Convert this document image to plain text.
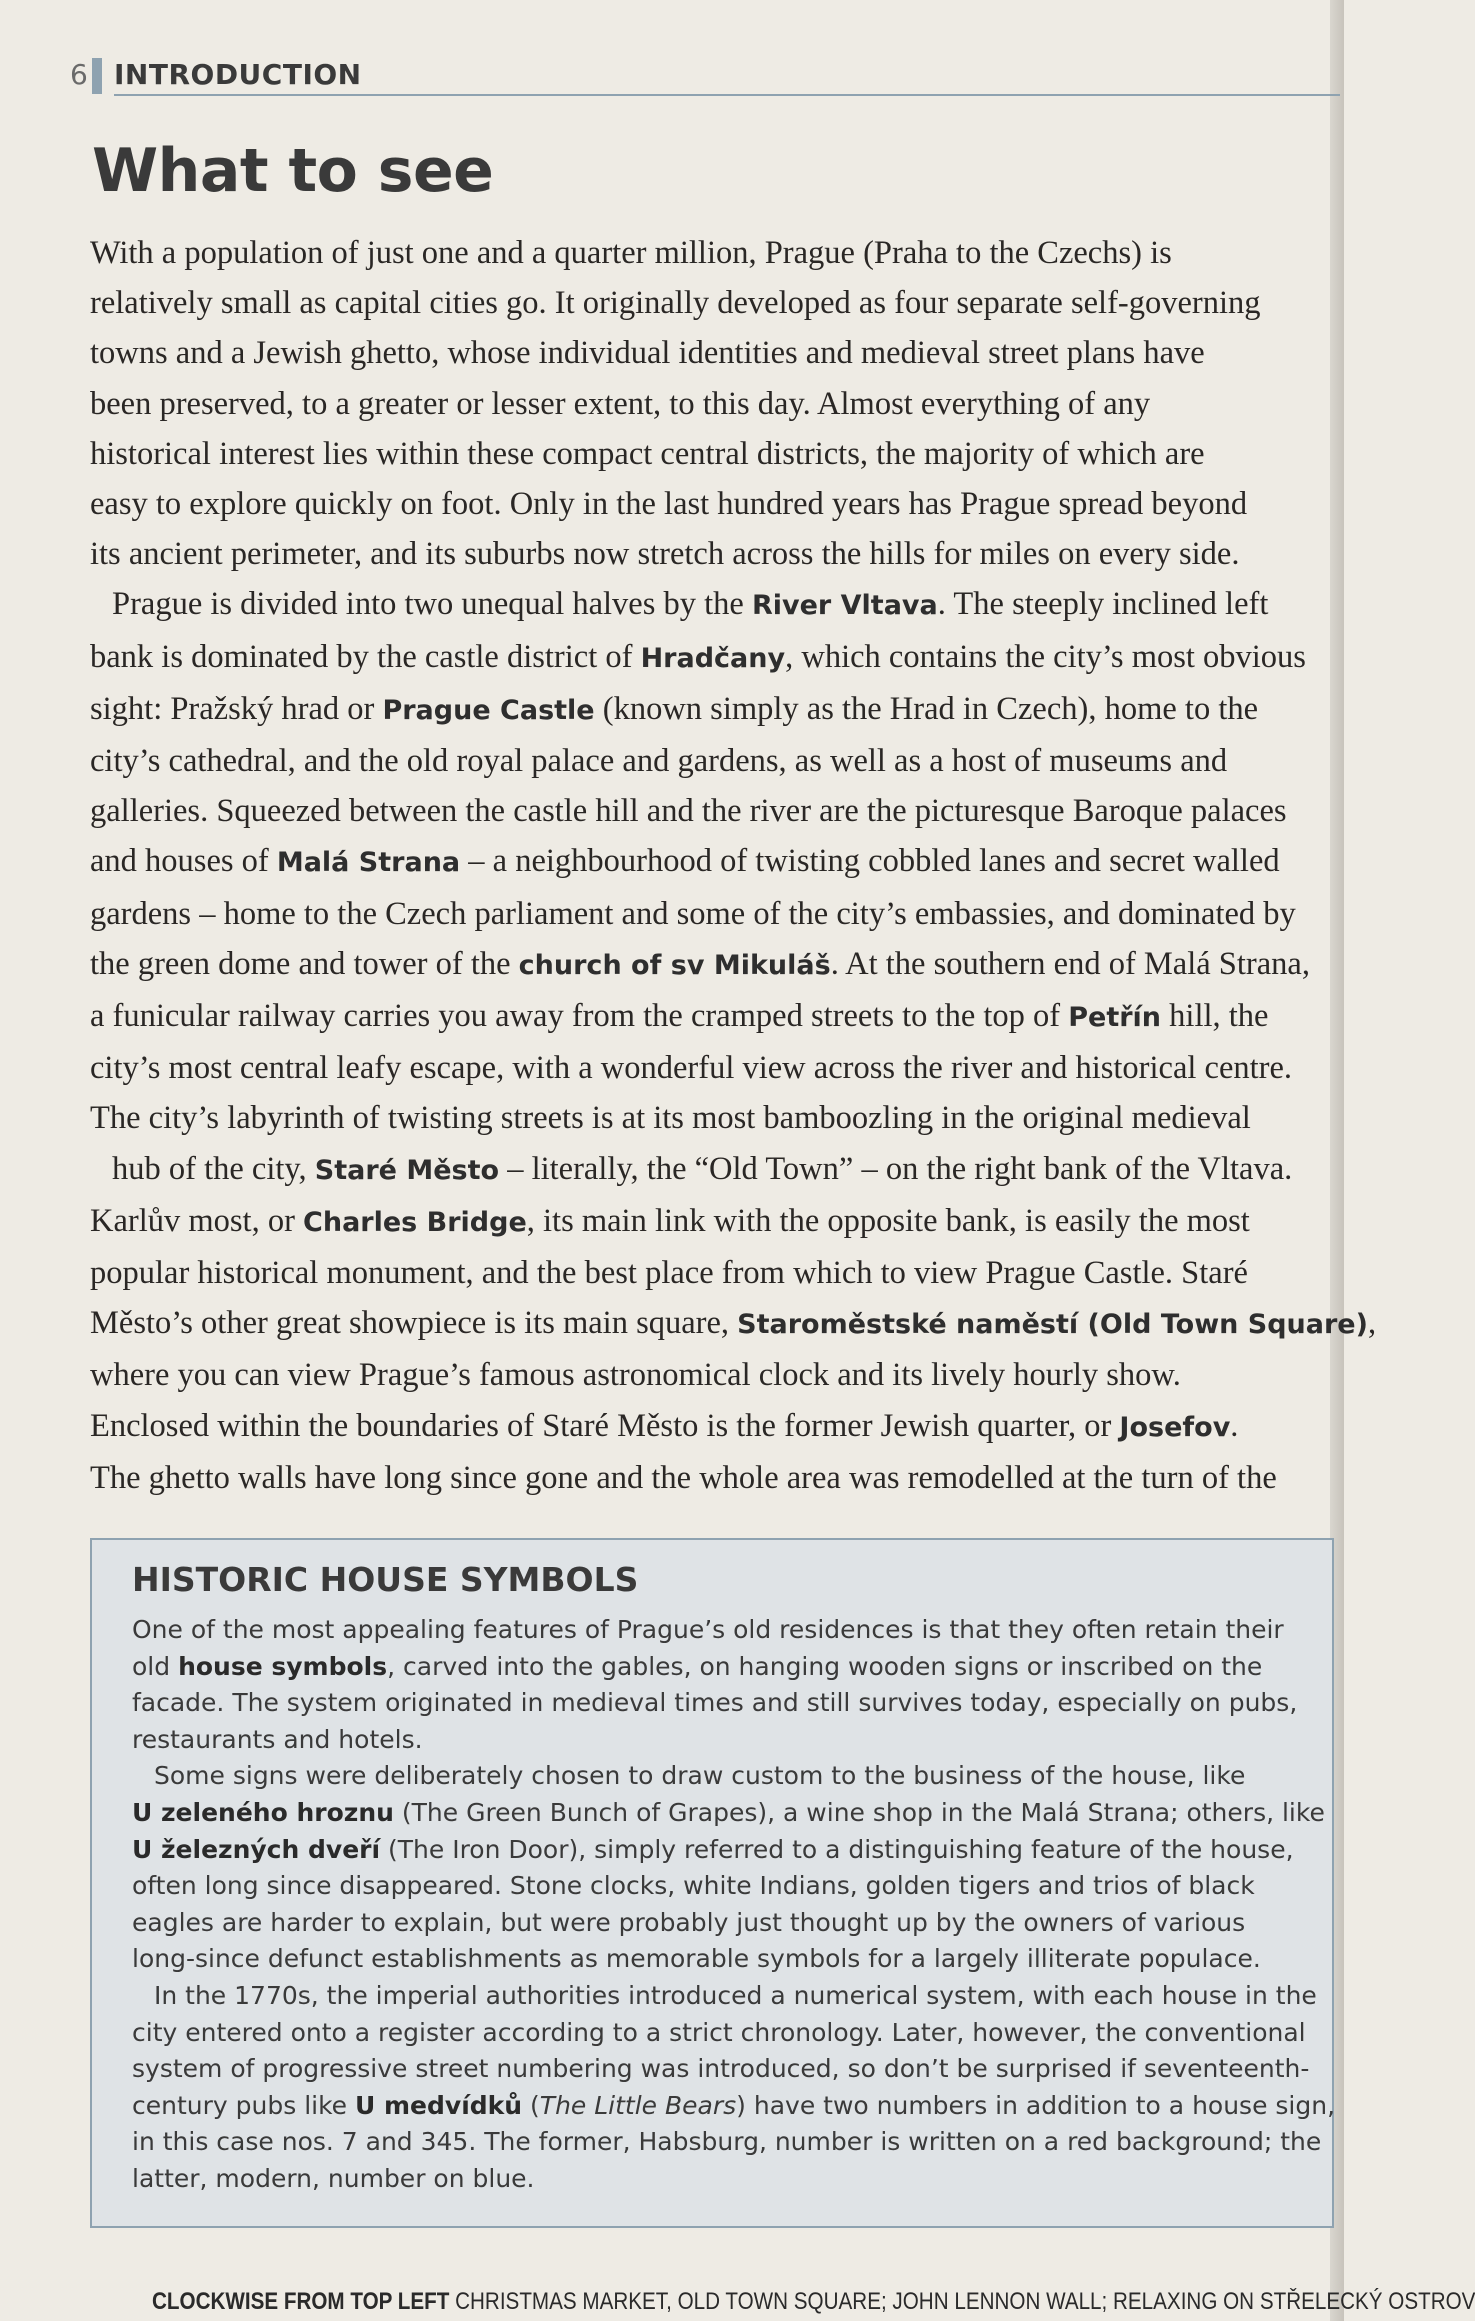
6 INTRODUCTION
What to see
With a population of just one and a quarter million, Prague (Praha to the Czechs) is
relatively small as capital cities go. It originally developed as four separate self-governing
towns and a Jewish ghetto, whose individual identities and medieval street plans have
been preserved, to a greater or lesser extent, to this day. Almost everything of any
historical interest lies within these compact central districts, the majority of which are
easy to explore quickly on foot. Only in the last hundred years has Prague spread beyond
its ancient perimeter, and its suburbs now stretch across the hills for miles on every side.
Prague is divided into two unequal halves by the River Vltava. The steeply inclined left
bank is dominated by the castle district of Hradčany, which contains the city’s most obvious
sight: Pražský hrad or Prague Castle (known simply as the Hrad in Czech), home to the
city’s cathedral, and the old royal palace and gardens, as well as a host of museums and
galleries. Squeezed between the castle hill and the river are the picturesque Baroque palaces
and houses of Malá Strana – a neighbourhood of twisting cobbled lanes and secret walled
gardens – home to the Czech parliament and some of the city’s embassies, and dominated by
the green dome and tower of the church of sv Mikuláš. At the southern end of Malá Strana,
a funicular railway carries you away from the cramped streets to the top of Petřín hill, the
city’s most central leafy escape, with a wonderful view across the river and historical centre.
The city’s labyrinth of twisting streets is at its most bamboozling in the original medieval
hub of the city, Staré Město – literally, the “Old Town” – on the right bank of the Vltava.
Karlův most, or Charles Bridge, its main link with the opposite bank, is easily the most
popular historical monument, and the best place from which to view Prague Castle. Staré
Město’s other great showpiece is its main square, Staroměstské naměstí (Old Town Square),
where you can view Prague’s famous astronomical clock and its lively hourly show.
Enclosed within the boundaries of Staré Město is the former Jewish quarter, or Josefov.
The ghetto walls have long since gone and the whole area was remodelled at the turn of the
HISTORIC HOUSE SYMBOLS
One of the most appealing features of Prague’s old residences is that they often retain their
old house symbols, carved into the gables, on hanging wooden signs or inscribed on the
facade. The system originated in medieval times and still survives today, especially on pubs,
restaurants and hotels.
Some signs were deliberately chosen to draw custom to the business of the house, like
U zeleného hroznu (The Green Bunch of Grapes), a wine shop in the Malá Strana; others, like
U železných dveří (The Iron Door), simply referred to a distinguishing feature of the house,
often long since disappeared. Stone clocks, white Indians, golden tigers and trios of black
eagles are harder to explain, but were probably just thought up by the owners of various
long-since defunct establishments as memorable symbols for a largely illiterate populace.
In the 1770s, the imperial authorities introduced a numerical system, with each house in the
city entered onto a register according to a strict chronology. Later, however, the conventional
system of progressive street numbering was introduced, so don’t be surprised if seventeenth-
century pubs like U medvídků (The Little Bears) have two numbers in addition to a house sign,
in this case nos. 7 and 345. The former, Habsburg, number is written on a red background; the
latter, modern, number on blue.
CLOCKWISE FROM TOP LEFT CHRISTMAS MARKET, OLD TOWN SQUARE; JOHN LENNON WALL; RELAXING ON STŘELECKÝ OSTROV
